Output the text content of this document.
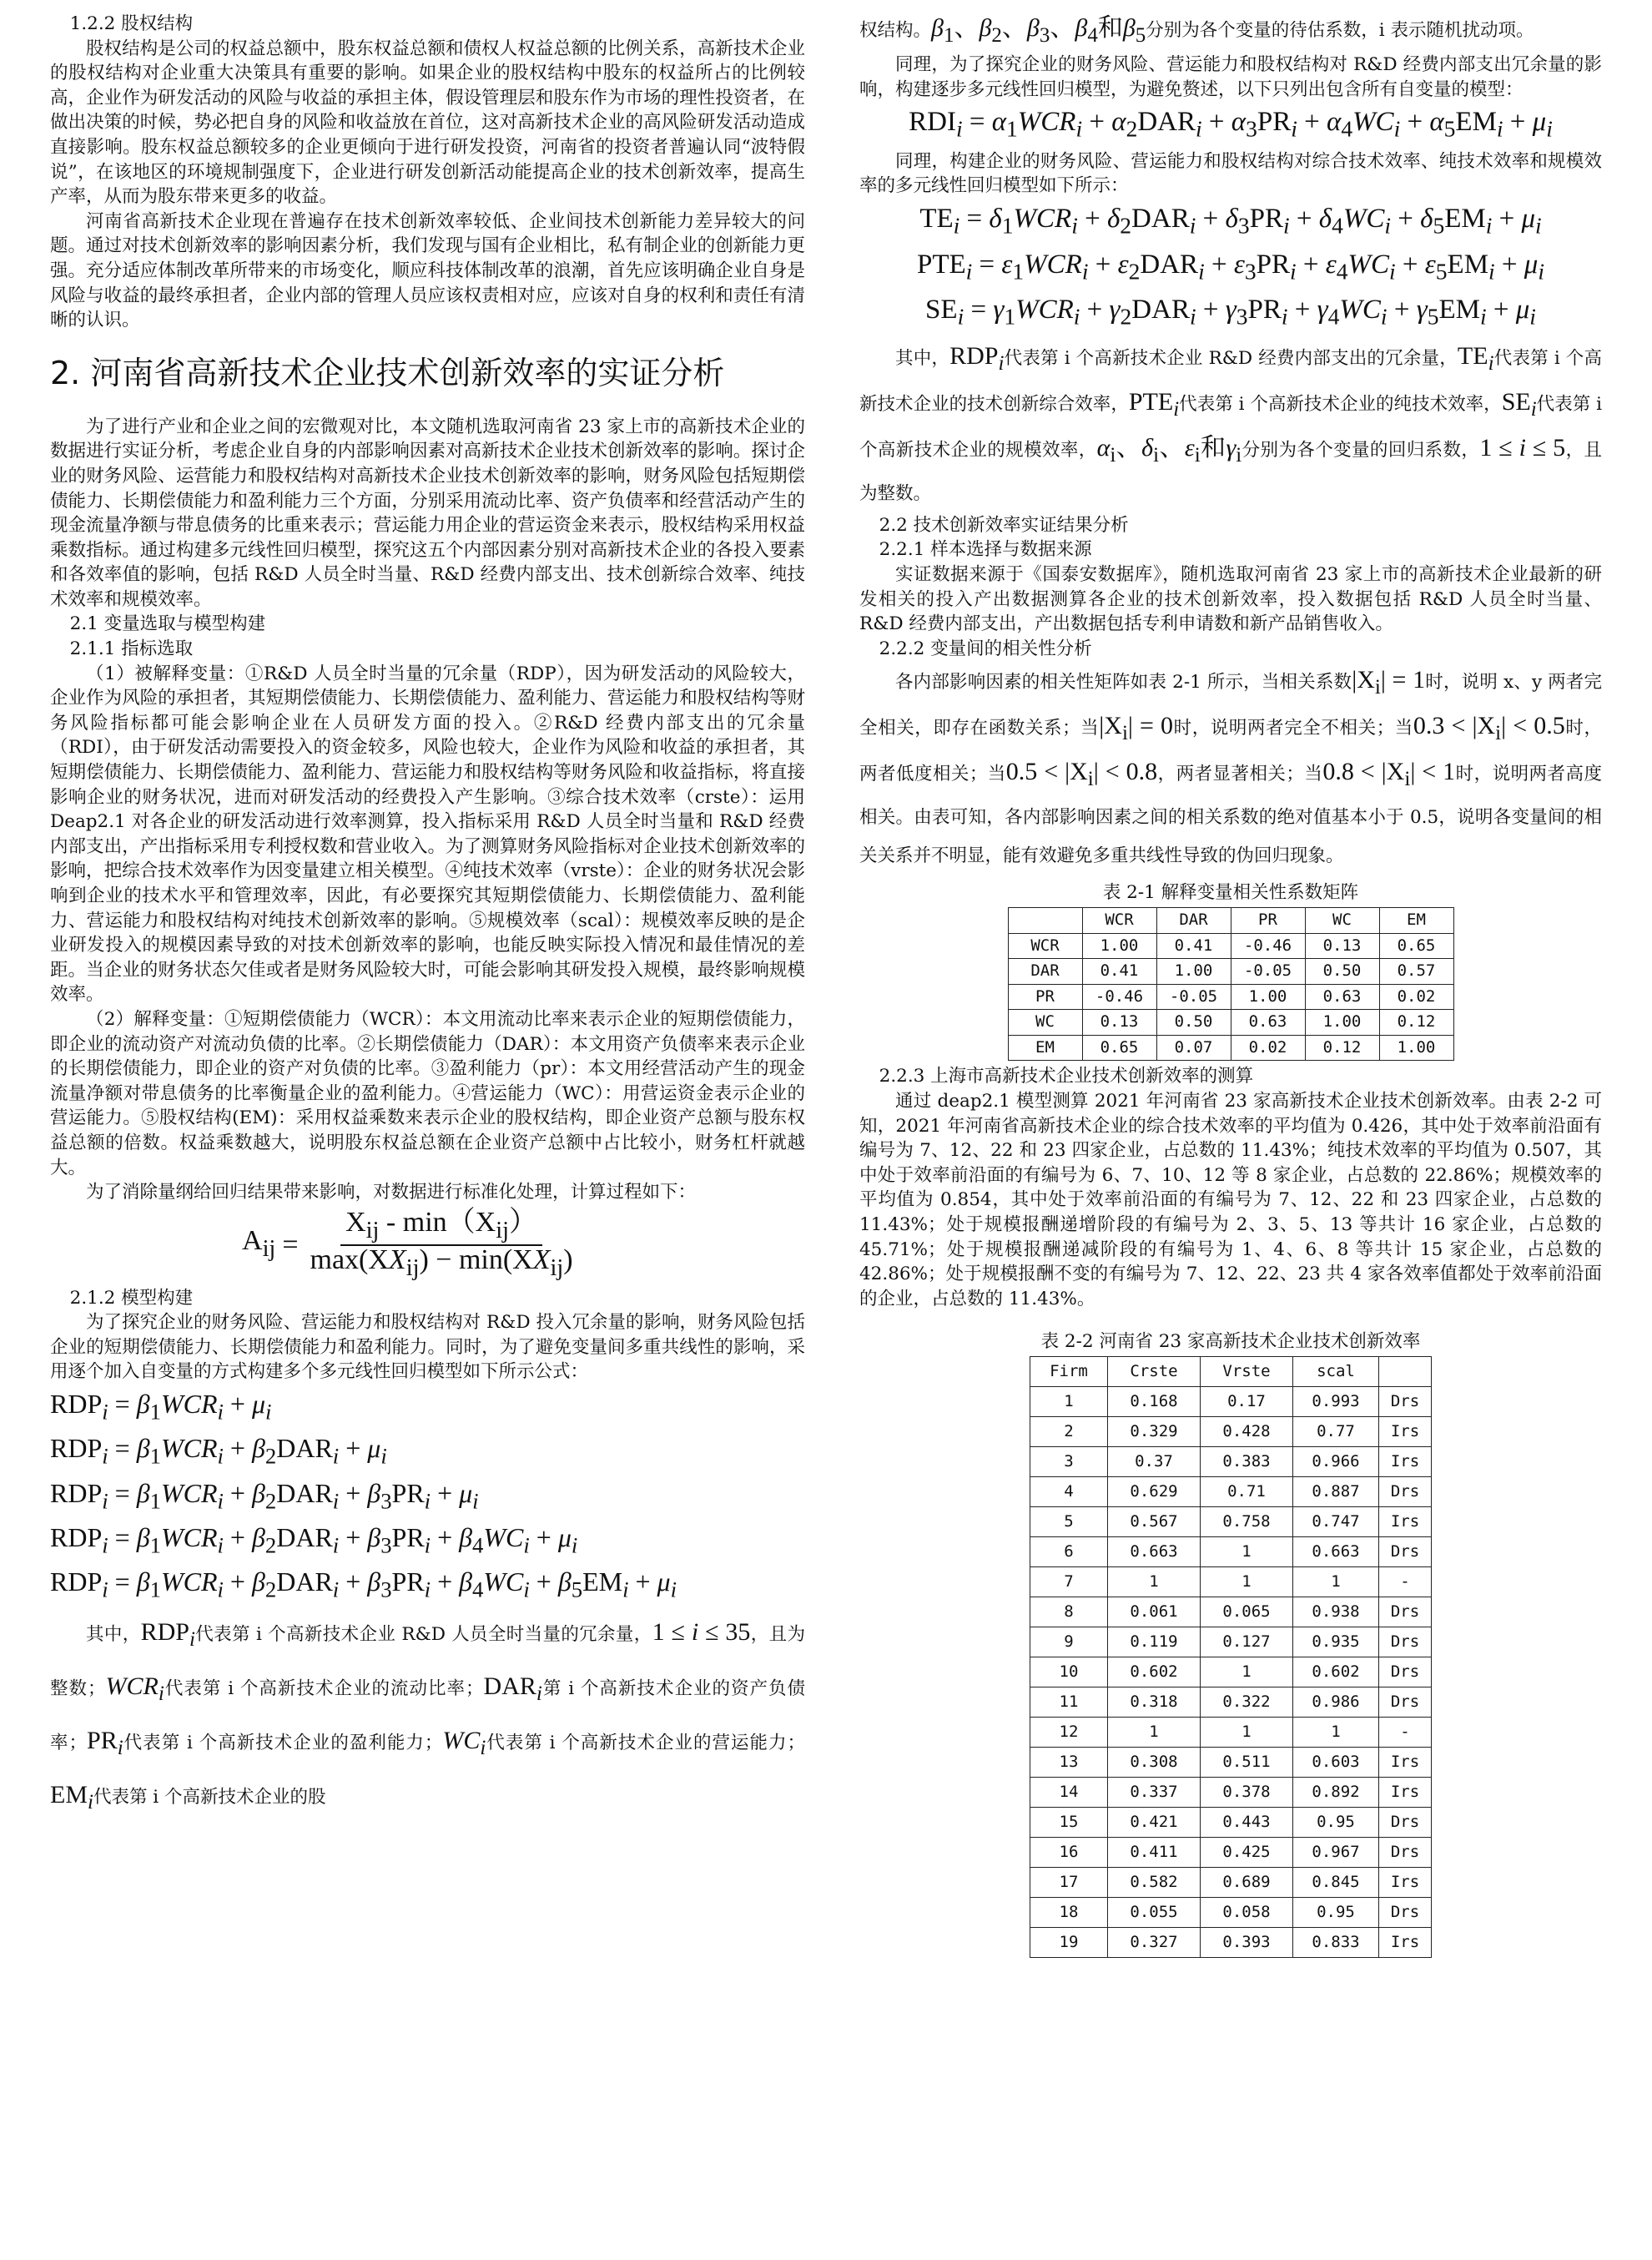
1.2.2 股权结构

股权结构是公司的权益总额中，股东权益总额和债权人权益总额的比例关系，高新技术企业的股权结构对企业重大决策具有重要的影响。如果企业的股权结构中股东的权益所占的比例较高，企业作为研发活动的风险与收益的承担主体，假设管理层和股东作为市场的理性投资者，在做出决策的时候，势必把自身的风险和收益放在首位，这对高新技术企业的高风险研发活动造成直接影响。股东权益总额较多的企业更倾向于进行研发投资，河南省的投资者普遍认同“波特假说”，在该地区的环境规制强度下，企业进行研发创新活动能提高企业的技术创新效率，提高生产率，从而为股东带来更多的收益。

河南省高新技术企业现在普遍存在技术创新效率较低、企业间技术创新能力差异较大的问题。通过对技术创新效率的影响因素分析，我们发现与国有企业相比，私有制企业的创新能力更强。充分适应体制改革所带来的市场变化，顺应科技体制改革的浪潮，首先应该明确企业自身是风险与收益的最终承担者，企业内部的管理人员应该权责相对应，应该对自身的权利和责任有清晰的认识。

2. 河南省高新技术企业技术创新效率的实证分析

为了进行产业和企业之间的宏微观对比，本文随机选取河南省 23 家上市的高新技术企业的数据进行实证分析，考虑企业自身的内部影响因素对高新技术企业技术创新效率的影响。探讨企业的财务风险、运营能力和股权结构对高新技术企业技术创新效率的影响，财务风险包括短期偿债能力、长期偿债能力和盈利能力三个方面，分别采用流动比率、资产负债率和经营活动产生的现金流量净额与带息债务的比重来表示；营运能力用企业的营运资金来表示，股权结构采用权益乘数指标。通过构建多元线性回归模型，探究这五个内部因素分别对高新技术企业的各投入要素和各效率值的影响，包括 R&D 人员全时当量、R&D 经费内部支出、技术创新综合效率、纯技术效率和规模效率。

2.1 变量选取与模型构建
2.1.1 指标选取

（1）被解释变量：①R&D 人员全时当量的冗余量（RDP），因为研发活动的风险较大，企业作为风险的承担者，其短期偿债能力、长期偿债能力、盈利能力、营运能力和股权结构等财务风险指标都可能会影响企业在人员研发方面的投入。②R&D 经费内部支出的冗余量（RDI），由于研发活动需要投入的资金较多，风险也较大，企业作为风险和收益的承担者，其短期偿债能力、长期偿债能力、盈利能力、营运能力和股权结构等财务风险和收益指标，将直接影响企业的财务状况，进而对研发活动的经费投入产生影响。③综合技术效率（crste）：运用 Deap2.1 对各企业的研发活动进行效率测算，投入指标采用 R&D 人员全时当量和 R&D 经费内部支出，产出指标采用专利授权数和营业收入。为了测算财务风险指标对企业技术创新效率的影响，把综合技术效率作为因变量建立相关模型。④纯技术效率（vrste）：企业的财务状况会影响到企业的技术水平和管理效率，因此，有必要探究其短期偿债能力、长期偿债能力、盈利能力、营运能力和股权结构对纯技术创新效率的影响。⑤规模效率（scal）：规模效率反映的是企业研发投入的规模因素导致的对技术创新效率的影响，也能反映实际投入情况和最佳情况的差距。当企业的财务状态欠佳或者是财务风险较大时，可能会影响其研发投入规模，最终影响规模效率。

（2）解释变量：①短期偿债能力（WCR）：本文用流动比率来表示企业的短期偿债能力，即企业的流动资产对流动负债的比率。②长期偿债能力（DAR）：本文用资产负债率来表示企业的长期偿债能力，即企业的资产对负债的比率。③盈利能力（pr）：本文用经营活动产生的现金流量净额对带息债务的比率衡量企业的盈利能力。④营运能力（WC）：用营运资金表示企业的营运能力。⑤股权结构(EM)：采用权益乘数来表示企业的股权结构，即企业资产总额与股东权益总额的倍数。权益乘数越大，说明股东权益总额在企业资产总额中占比较小，财务杠杆就越大。

为了消除量纲给回归结果带来影响，对数据进行标准化处理，计算过程如下：

$A_{ij} = \frac{X_{ij} - \min(X_{ij})}{\max(XX_{ij}) - \min(XX_{ij})}$
2.1.2 模型构建

为了探究企业的财务风险、营运能力和股权结构对 R&D 投入冗余量的影响，财务风险包括企业的短期偿债能力、长期偿债能力和盈利能力。同时，为了避免变量间多重共线性的影响，采用逐个加入自变量的方式构建多个多元线性回归模型如下所示公式：

$RDP_i = \beta_1WCR_i + \mu_i$
$RDP_i = \beta_1WCR_i + \beta_2DAR_i + \mu_i$
$RDP_i = \beta_1WCR_i + \beta_2DAR_i + \beta_3PR_i + \mu_i$
$RDP_i = \beta_1WCR_i + \beta_2DAR_i + \beta_3PR_i + \beta_4WC_i + \mu_i$
$RDP_i = \beta_1WCR_i + \beta_2DAR_i + \beta_3PR_i + \beta_4WC_i + \beta_5EM_i + \mu_i$

其中，$RDP_i$代表第 i 个高新技术企业 R&D 人员全时当量的冗余量，1 ≤ i ≤ 35，且为整数；$WCR_i$代表第 i 个高新技术企业的流动比率；$DAR_i$第 i 个高新技术企业的资产负债率；$PR_i$代表第 i 个高新技术企业的盈利能力；$WC_i$代表第 i 个高新技术企业的营运能力；$EM_i$代表第 i 个高新技术企业的股

权结构。$\beta_1$、$\beta_2$、$\beta_3$、$\beta_4$和$\beta_5$分别为各个变量的待估系数，i 表示随机扰动项。

同理，为了探究企业的财务风险、营运能力和股权结构对 R&D 经费内部支出冗余量的影响，构建逐步多元线性回归模型，为避免赘述，以下只列出包含所有自变量的模型：

$RDI_i = \alpha_1WCR_i + \alpha_2DAR_i + \alpha_3PR_i + \alpha_4WC_i + \alpha_5EM_i + \mu_i$

同理，构建企业的财务风险、营运能力和股权结构对综合技术效率、纯技术效率和规模效率的多元线性回归模型如下所示：

$TE_i = \delta_1WCR_i + \delta_2DAR_i + \delta_3PR_i + \delta_4WC_i + \delta_5EM_i + \mu_i$
$PTE_i = \varepsilon_1WCR_i + \varepsilon_2DAR_i + \varepsilon_3PR_i + \varepsilon_4WC_i + \varepsilon_5EM_i + \mu_i$
$SE_i = \gamma_1WCR_i + \gamma_2DAR_i + \gamma_3PR_i + \gamma_4WC_i + \gamma_5EM_i + \mu_i$

其中，$RDP_i$代表第 i 个高新技术企业 R&D 经费内部支出的冗余量，$TE_i$代表第 i 个高新技术企业的技术创新综合效率，$PTE_i$代表第 i 个高新技术企业的纯技术效率，$SE_i$代表第 i 个高新技术企业的规模效率，$\alpha_i$、$\delta_i$、$\varepsilon_i$和$\gamma_i$分别为各个变量的回归系数，1 ≤ i ≤ 5，且为整数。

2.2 技术创新效率实证结果分析
2.2.1 样本选择与数据来源

实证数据来源于《国泰安数据库》，随机选取河南省 23 家上市的高新技术企业最新的研发相关的投入产出数据测算各企业的技术创新效率，投入数据包括 R&D 人员全时当量、R&D 经费内部支出，产出数据包括专利申请数和新产品销售收入。

2.2.2 变量间的相关性分析

各内部影响因素的相关性矩阵如表 2-1 所示，当相关系数$|X_i| = 1$时，说明 x、y 两者完全相关，即存在函数关系；当$|X_i| = 0$时，说明两者完全不相关；当$0.3 < |X_i| < 0.5$时，两者低度相关；当$0.5 < |X_i| < 0.8$，两者显著相关；当$0.8 < |X_i| < 1$时，说明两者高度相关。由表可知，各内部影响因素之间的相关系数的绝对值基本小于 0.5，说明各变量间的相关关系并不明显，能有效避免多重共线性导致的伪回归现象。

表 2-1 解释变量相关性系数矩阵
	WCR	DAR	PR	WC	EM
WCR	1.00	0.41	-0.46	0.13	0.65
DAR	0.41	1.00	-0.05	0.50	0.57
PR	-0.46	-0.05	1.00	0.63	0.02
WC	0.13	0.50	0.63	1.00	0.12
EM	0.65	0.07	0.02	0.12	1.00
2.2.3 上海市高新技术企业技术创新效率的测算

通过 deap2.1 模型测算 2021 年河南省 23 家高新技术企业技术创新效率。由表 2-2 可知，2021 年河南省高新技术企业的综合技术效率的平均值为 0.426，其中处于效率前沿面有编号为 7、12、22 和 23 四家企业，占总数的 11.43%；纯技术效率的平均值为 0.507，其中处于效率前沿面的有编号为 6、7、10、12 等 8 家企业，占总数的 22.86%；规模效率的平均值为 0.854，其中处于效率前沿面的有编号为 7、12、22 和 23 四家企业，占总数的 11.43%；处于规模报酬递增阶段的有编号为 2、3、5、13 等共计 16 家企业，占总数的 45.71%；处于规模报酬递减阶段的有编号为 1、4、6、8 等共计 15 家企业，占总数的 42.86%；处于规模报酬不变的有编号为 7、12、22、23 共 4 家各效率值都处于效率前沿面的企业，占总数的 11.43%。

表 2-2 河南省 23 家高新技术企业技术创新效率
Firm	Crste	Vrste	scal	
1	0.168	0.17	0.993	Drs
2	0.329	0.428	0.77	Irs
3	0.37	0.383	0.966	Irs
4	0.629	0.71	0.887	Drs
5	0.567	0.758	0.747	Irs
6	0.663	1	0.663	Drs
7	1	1	1	-
8	0.061	0.065	0.938	Drs
9	0.119	0.127	0.935	Drs
10	0.602	1	0.602	Drs
11	0.318	0.322	0.986	Drs
12	1	1	1	-
13	0.308	0.511	0.603	Irs
14	0.337	0.378	0.892	Irs
15	0.421	0.443	0.95	Drs
16	0.411	0.425	0.967	Drs
17	0.582	0.689	0.845	Irs
18	0.055	0.058	0.95	Drs
19	0.327	0.393	0.833	Irs
